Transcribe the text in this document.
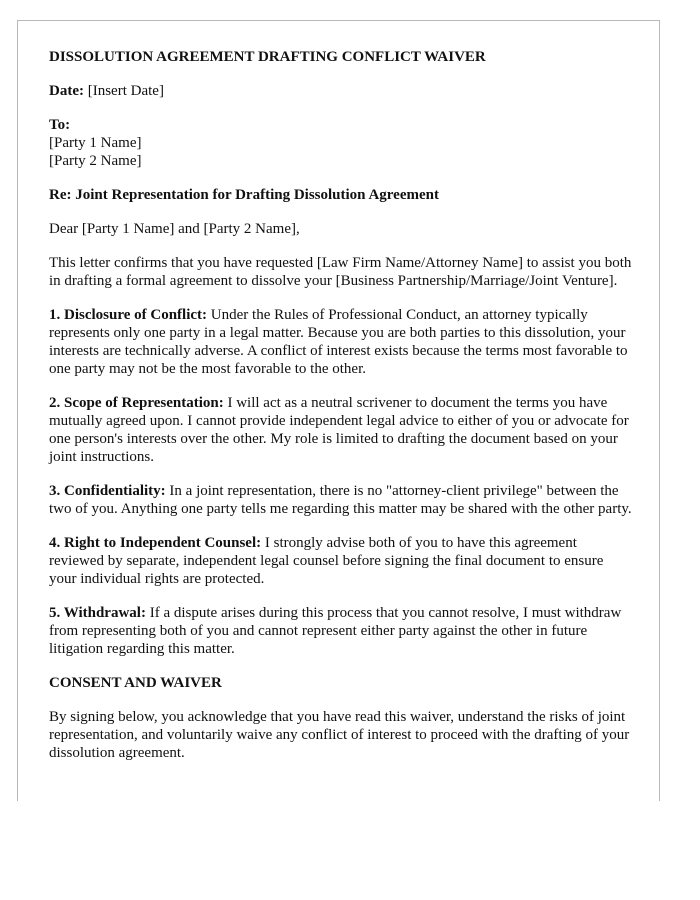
DISSOLUTION AGREEMENT DRAFTING CONFLICT WAIVER

Date: [Insert Date]

To:

[Party 1 Name]

[Party 2 Name]

Re: Joint Representation for Drafting Dissolution Agreement

Dear [Party 1 Name] and [Party 2 Name],

This letter confirms that you have requested [Law Firm Name/Attorney Name] to assist you both in drafting a formal agreement to dissolve your [Business Partnership/Marriage/Joint Venture].

1. Disclosure of Conflict: Under the Rules of Professional Conduct, an attorney typically represents only one party in a legal matter. Because you are both parties to this dissolution, your interests are technically adverse. A conflict of interest exists because the terms most favorable to one party may not be the most favorable to the other.

2. Scope of Representation: I will act as a neutral scrivener to document the terms you have mutually agreed upon. I cannot provide independent legal advice to either of you or advocate for one person's interests over the other. My role is limited to drafting the document based on your joint instructions.

3. Confidentiality: In a joint representation, there is no "attorney-client privilege" between the two of you. Anything one party tells me regarding this matter may be shared with the other party.

4. Right to Independent Counsel: I strongly advise both of you to have this agreement reviewed by separate, independent legal counsel before signing the final document to ensure your individual rights are protected.

5. Withdrawal: If a dispute arises during this process that you cannot resolve, I must withdraw from representing both of you and cannot represent either party against the other in future litigation regarding this matter.

CONSENT AND WAIVER

By signing below, you acknowledge that you have read this waiver, understand the risks of joint representation, and voluntarily waive any conflict of interest to proceed with the drafting of your dissolution agreement.
